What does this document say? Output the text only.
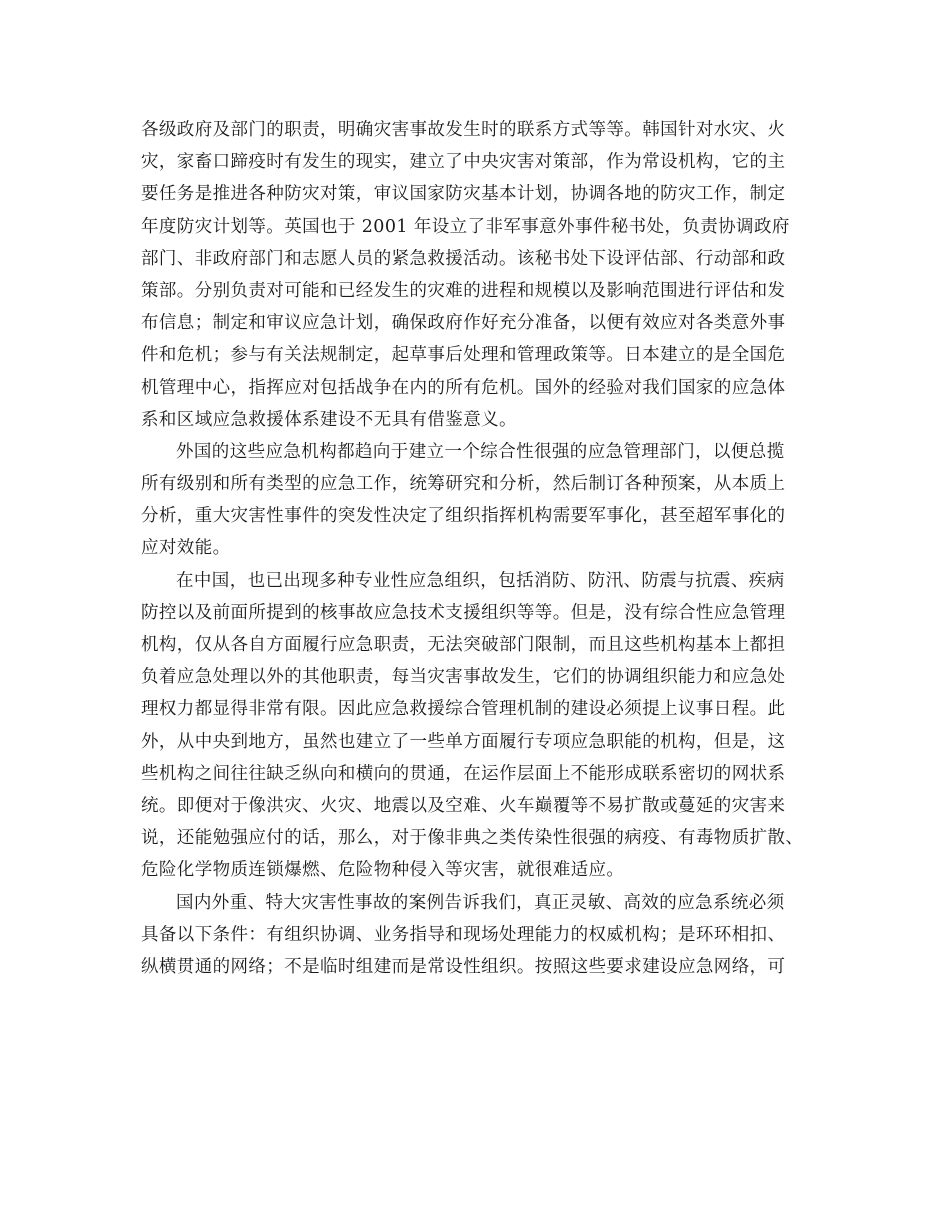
各级政府及部门的职责，明确灾害事故发生时的联系方式等等。韩国针对水灾、火
灾，家畜口蹄疫时有发生的现实，建立了中央灾害对策部，作为常设机构，它的主
要任务是推进各种防灾对策，审议国家防灾基本计划，协调各地的防灾工作，制定
年度防灾计划等。英国也于 2001 年设立了非军事意外事件秘书处，负责协调政府
部门、非政府部门和志愿人员的紧急救援活动。该秘书处下设评估部、行动部和政
策部。分别负责对可能和已经发生的灾难的进程和规模以及影响范围进行评估和发
布信息；制定和审议应急计划，确保政府作好充分准备，以便有效应对各类意外事
件和危机；参与有关法规制定，起草事后处理和管理政策等。日本建立的是全国危
机管理中心，指挥应对包括战争在内的所有危机。国外的经验对我们国家的应急体
系和区域应急救援体系建设不无具有借鉴意义。
外国的这些应急机构都趋向于建立一个综合性很强的应急管理部门，以便总揽
所有级别和所有类型的应急工作，统筹研究和分析，然后制订各种预案，从本质上
分析，重大灾害性事件的突发性决定了组织指挥机构需要军事化，甚至超军事化的
应对效能。
在中国，也已出现多种专业性应急组织，包括消防、防汛、防震与抗震、疾病
防控以及前面所提到的核事故应急技术支援组织等等。但是，没有综合性应急管理
机构，仅从各自方面履行应急职责，无法突破部门限制，而且这些机构基本上都担
负着应急处理以外的其他职责，每当灾害事故发生，它们的协调组织能力和应急处
理权力都显得非常有限。因此应急救援综合管理机制的建设必须提上议事日程。此
外，从中央到地方，虽然也建立了一些单方面履行专项应急职能的机构，但是，这
些机构之间往往缺乏纵向和横向的贯通，在运作层面上不能形成联系密切的网状系
统。即便对于像洪灾、火灾、地震以及空难、火车巅覆等不易扩散或蔓延的灾害来
说，还能勉强应付的话，那么，对于像非典之类传染性很强的病疫、有毒物质扩散、
危险化学物质连锁爆燃、危险物种侵入等灾害，就很难适应。
国内外重、特大灾害性事故的案例告诉我们，真正灵敏、高效的应急系统必须
具备以下条件：有组织协调、业务指导和现场处理能力的权威机构；是环环相扣、
纵横贯通的网络；不是临时组建而是常设性组织。按照这些要求建设应急网络，可
